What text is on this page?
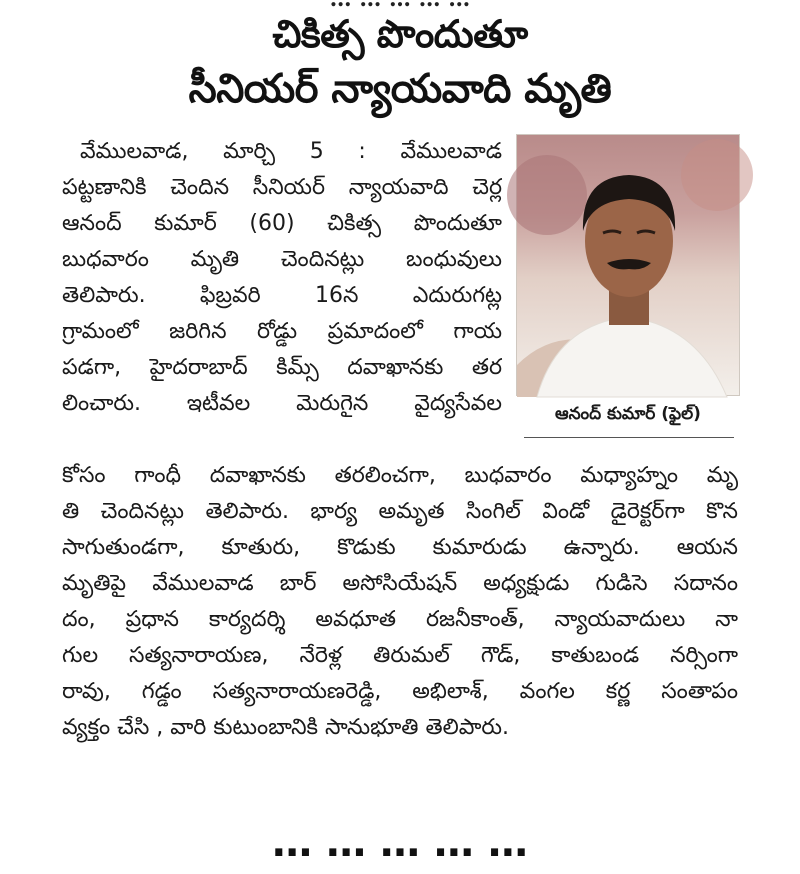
చికిత్స పొందుతూ
సీనియర్ న్యాయవాది మృతి
ఆనంద్ కుమార్ (ఫైల్)
వేములవాడ, మార్చి 5 : వేములవాడ
పట్టణానికి చెందిన సీనియర్ న్యాయవాది చెర్ల
ఆనంద్ కుమార్ (60) చికిత్స పొందుతూ
బుధవారం మృతి చెందినట్లు బంధువులు
తెలిపారు. ఫిబ్రవరి 16న ఎదురుగట్ల
గ్రామంలో జరిగిన రోడ్డు ప్రమాదంలో గాయ
పడగా, హైదరాబాద్ కిమ్స్ దవాఖానకు తర
లించారు. ఇటీవల మెరుగైన వైద్యసేవల
కోసం గాంధీ దవాఖానకు తరలించగా, బుధవారం మధ్యాహ్నం మృ
తి చెందినట్లు తెలిపారు. భార్య అమృత సింగిల్ విండో డైరెక్టర్‌గా కొన
సాగుతుండగా, కూతురు, కొడుకు కుమారుడు ఉన్నారు. ఆయన
మృతిపై వేములవాడ బార్ అసోసియేషన్ అధ్యక్షుడు గుడిసె సదానం
దం, ప్రధాన కార్యదర్శి అవధూత రజనీకాంత్, న్యాయవాదులు నా
గుల సత్యనారాయణ, నేరెళ్ల తిరుమల్ గౌడ్, కాతుబండ నర్సింగా
రావు, గడ్డం సత్యనారాయణరెడ్డి, అభిలాశ్, వంగల కర్ణ సంతాపం
వ్యక్తం చేసి , వారి కుటుంబానికి సానుభూతి తెలిపారు.
… … … … …
